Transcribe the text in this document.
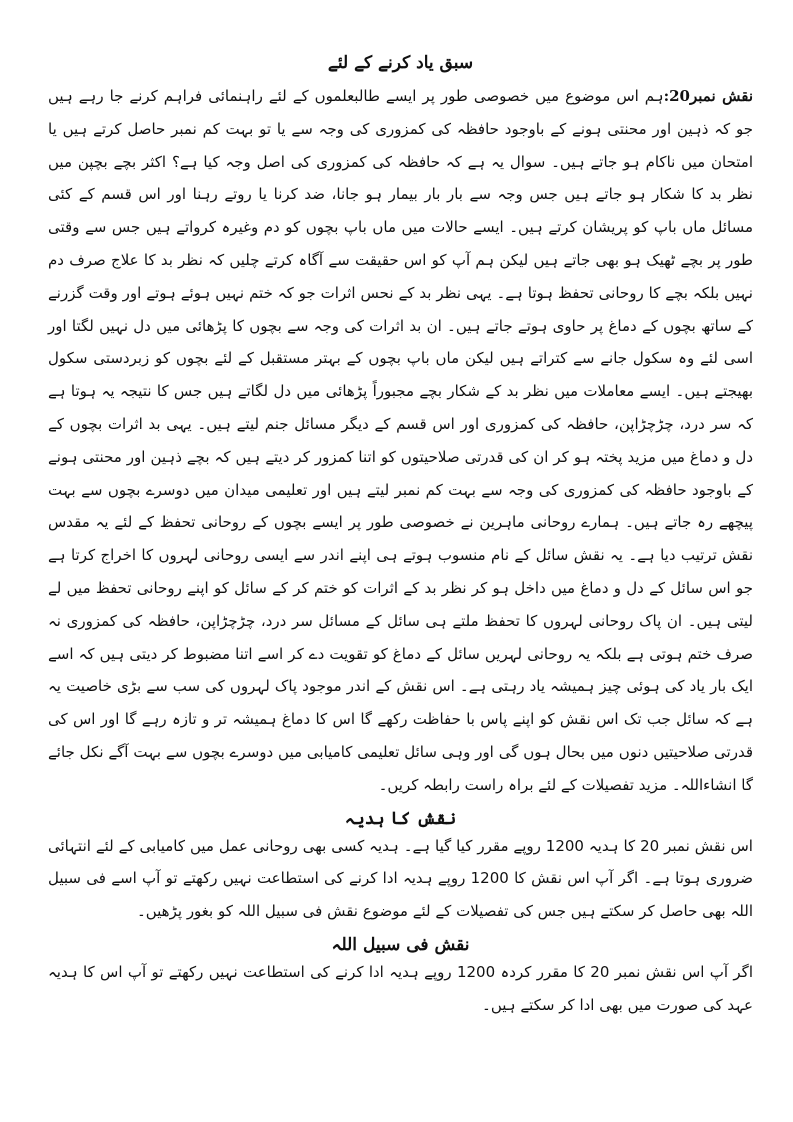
سبق یاد کرنے کے لئے

نقش نمبر20:ہم اس موضوع میں خصوصی طور پر ایسے طالبعلموں کے لئے راہنمائی فراہم کرنے جا رہے ہیں جو کہ ذہین اور محنتی ہونے کے باوجود حافظہ کی کمزوری کی وجہ سے یا تو بہت کم نمبر حاصل کرتے ہیں یا امتحان میں ناکام ہو جاتے ہیں۔ سوال یہ ہے کہ حافظہ کی کمزوری کی اصل وجہ کیا ہے؟ اکثر بچے بچپن میں نظر بد کا شکار ہو جاتے ہیں جس وجہ سے بار بار بیمار ہو جانا، ضد کرنا یا روتے رہنا اور اس قسم کے کئی مسائل ماں باپ کو پریشان کرتے ہیں۔ ایسے حالات میں ماں باپ بچوں کو دم وغیرہ کرواتے ہیں جس سے وقتی طور پر بچے ٹھیک ہو بھی جاتے ہیں لیکن ہم آپ کو اس حقیقت سے آگاہ کرتے چلیں کہ نظر بد کا علاج صرف دم نہیں بلکہ بچے کا روحانی تحفظ ہوتا ہے۔ یہی نظر بد کے نحس اثرات جو کہ ختم نہیں ہوئے ہوتے اور وقت گزرنے کے ساتھ بچوں کے دماغ پر حاوی ہوتے جاتے ہیں۔ ان بد اثرات کی وجہ سے بچوں کا پڑھائی میں دل نہیں لگتا اور اسی لئے وہ سکول جانے سے کتراتے ہیں لیکن ماں باپ بچوں کے بہتر مستقبل کے لئے بچوں کو زبردستی سکول بھیجتے ہیں۔ ایسے معاملات میں نظر بد کے شکار بچے مجبوراً پڑھائی میں دل لگاتے ہیں جس کا نتیجہ یہ ہوتا ہے کہ سر درد، چڑچڑاپن، حافظہ کی کمزوری اور اس قسم کے دیگر مسائل جنم لیتے ہیں۔ یہی بد اثرات بچوں کے دل و دماغ میں مزید پختہ ہو کر ان کی قدرتی صلاحیتوں کو اتنا کمزور کر دیتے ہیں کہ بچے ذہین اور محنتی ہونے کے باوجود حافظہ کی کمزوری کی وجہ سے بہت کم نمبر لیتے ہیں اور تعلیمی میدان میں دوسرے بچوں سے بہت پیچھے رہ جاتے ہیں۔ ہمارے روحانی ماہرین نے خصوصی طور پر ایسے بچوں کے روحانی تحفظ کے لئے یہ مقدس نقش ترتیب دیا ہے۔ یہ نقش سائل کے نام منسوب ہوتے ہی اپنے اندر سے ایسی روحانی لہروں کا اخراج کرتا ہے جو اس سائل کے دل و دماغ میں داخل ہو کر نظر بد کے اثرات کو ختم کر کے سائل کو اپنے روحانی تحفظ میں لے لیتی ہیں۔ ان پاک روحانی لہروں کا تحفظ ملتے ہی سائل کے مسائل سر درد، چڑچڑاپن، حافظہ کی کمزوری نہ صرف ختم ہوتی ہے بلکہ یہ روحانی لہریں سائل کے دماغ کو تقویت دے کر اسے اتنا مضبوط کر دیتی ہیں کہ اسے ایک بار یاد کی ہوئی چیز ہمیشہ یاد رہتی ہے۔ اس نقش کے اندر موجود پاک لہروں کی سب سے بڑی خاصیت یہ ہے کہ سائل جب تک اس نقش کو اپنے پاس با حفاظت رکھے گا اس کا دماغ ہمیشہ تر و تازہ رہے گا اور اس کی قدرتی صلاحیتیں دنوں میں بحال ہوں گی اور وہی سائل تعلیمی کامیابی میں دوسرے بچوں سے بہت آگے نکل جائے گا انشاءاللہ۔ مزید تفصیلات کے لئے براہ راست رابطہ کریں۔

نقش کا ہدیہ

اس نقش نمبر 20 کا ہدیہ 1200 روپے مقرر کیا گیا ہے۔ ہدیہ کسی بھی روحانی عمل میں کامیابی کے لئے انتہائی ضروری ہوتا ہے۔ اگر آپ اس نقش کا 1200 روپے ہدیہ ادا کرنے کی استطاعت نہیں رکھتے تو آپ اسے فی سبیل اللہ بھی حاصل کر سکتے ہیں جس کی تفصیلات کے لئے موضوع نقش فی سبیل اللہ کو بغور پڑھیں۔

نقش فی سبیل اللہ

اگر آپ اس نقش نمبر 20 کا مقرر کردہ 1200 روپے ہدیہ ادا کرنے کی استطاعت نہیں رکھتے تو آپ اس کا ہدیہ عہد کی صورت میں بھی ادا کر سکتے ہیں۔
